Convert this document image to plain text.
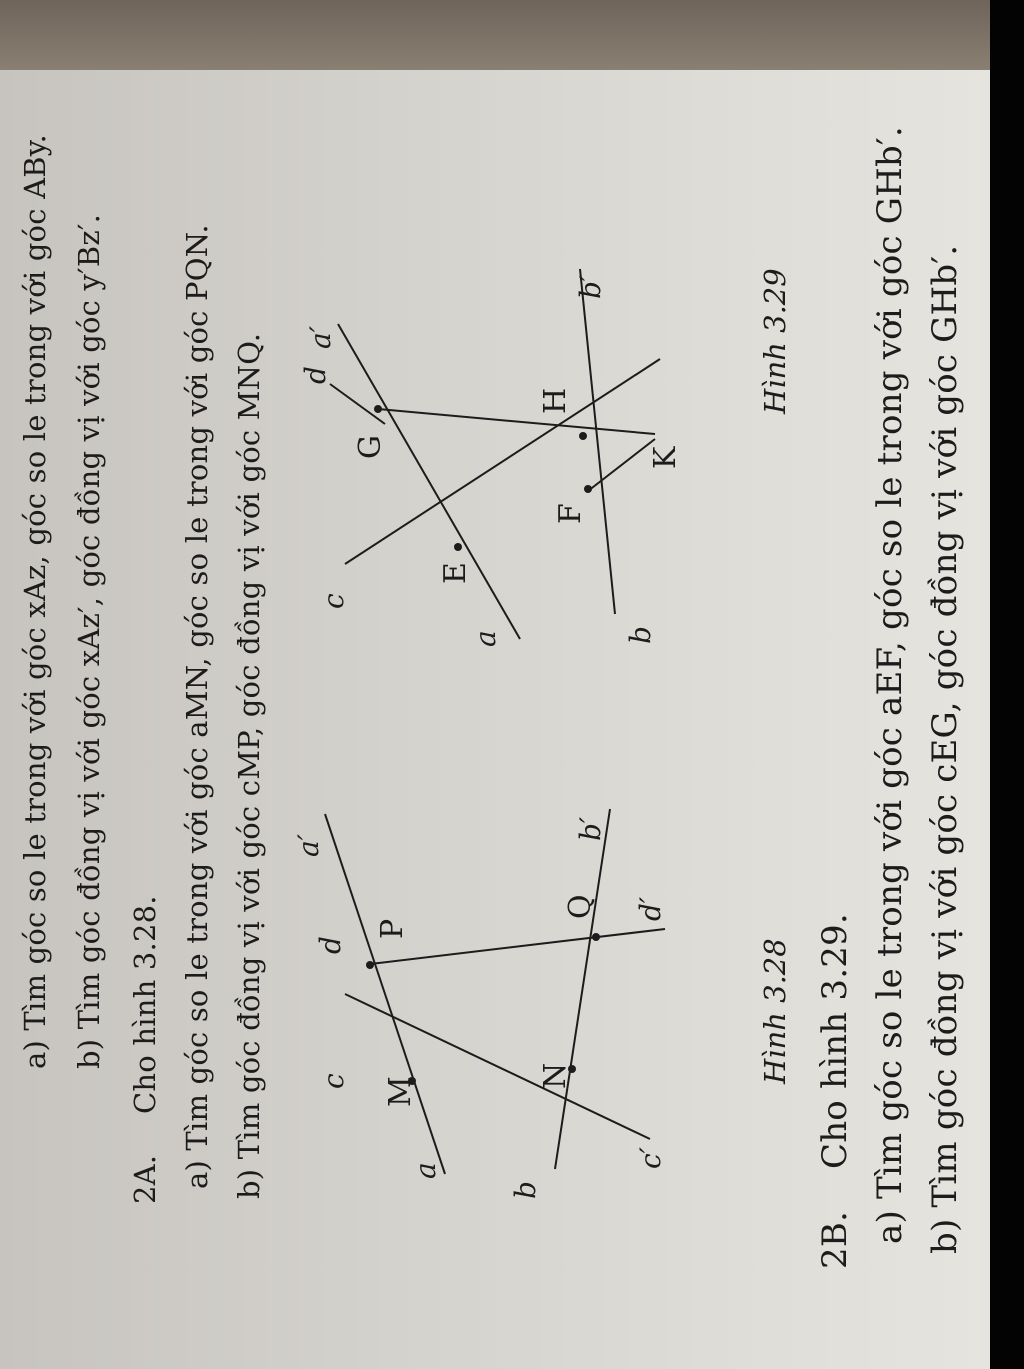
a) Tìm góc so le trong với góc xAz, góc so le trong với góc ABy. b) Tìm góc đồng vị với góc xAz′, góc đồng vị với góc y′Bz′.
2A.
Cho hình 3.28. a) Tìm góc so le trong với góc aMN, góc so le trong với góc PQN. b) Tìm góc đồng vị với góc cMP, góc đồng vị với góc MNQ.	a
a′
b
b′
c
c′
d
d′
M
N
P
Q
a
a′
b
b′
c
d
E
F
G
H
K
Hình 3.28
Hình 3.29
2B.
Cho hình 3.29. a) Tìm góc so le trong với góc aEF, góc so le trong với góc GHb′. b) Tìm góc đồng vị với góc cEG, góc đồng vị với góc GHb′.
